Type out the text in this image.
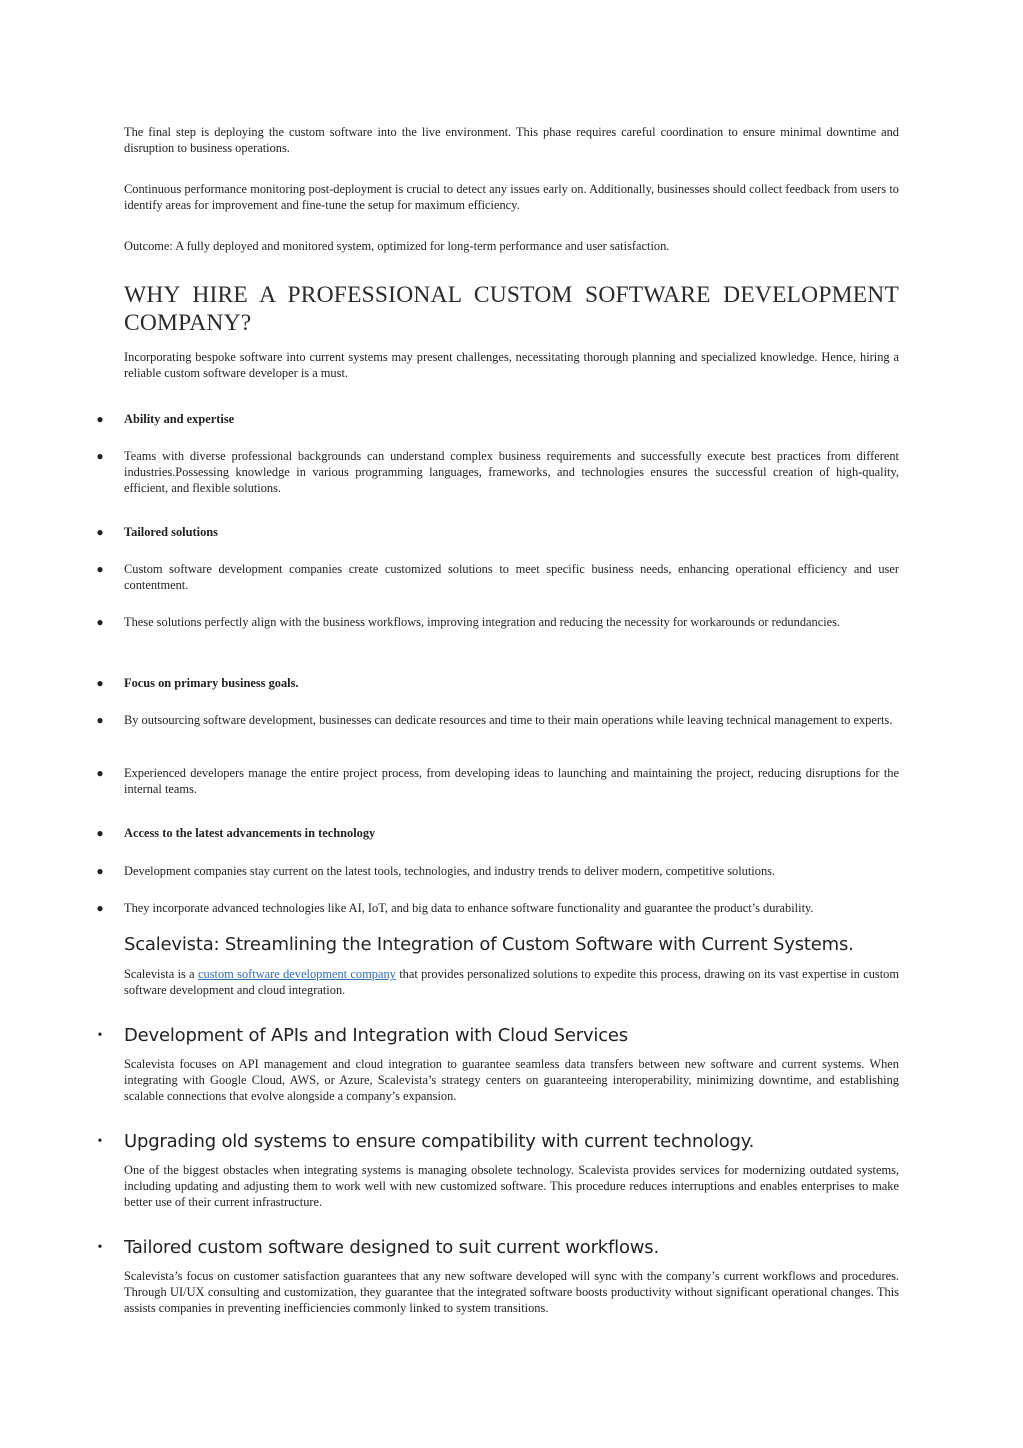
The final step is deploying the custom software into the live environment. This phase requires careful coordination to ensure minimal downtime and disruption to business operations.

Continuous performance monitoring post-deployment is crucial to detect any issues early on. Additionally, businesses should collect feedback from users to identify areas for improvement and fine-tune the setup for maximum efficiency.

Outcome: A fully deployed and monitored system, optimized for long-term performance and user satisfaction.

WHY HIRE A PROFESSIONAL CUSTOM SOFTWARE DEVELOPMENT
COMPANY?

Incorporating bespoke software into current systems may present challenges, necessitating thorough planning and specialized knowledge. Hence, hiring a reliable custom software developer is a must.

● Ability and expertise

● Teams with diverse professional backgrounds can understand complex business requirements and successfully execute best practices from different industries.Possessing knowledge in various programming languages, frameworks, and technologies ensures the successful creation of high-quality, efficient, and flexible solutions.

● Tailored solutions

● Custom software development companies create customized solutions to meet specific business needs, enhancing operational efficiency and user contentment.

● These solutions perfectly align with the business workflows, improving integration and reducing the necessity for workarounds or redundancies.

● Focus on primary business goals.

● By outsourcing software development, businesses can dedicate resources and time to their main operations while leaving technical management to experts.

● Experienced developers manage the entire project process, from developing ideas to launching and maintaining the project, reducing disruptions for the internal teams.

● Access to the latest advancements in technology

● Development companies stay current on the latest tools, technologies, and industry trends to deliver modern, competitive solutions.

● They incorporate advanced technologies like AI, IoT, and big data to enhance software functionality and guarantee the product’s durability.

Scalevista: Streamlining the Integration of Custom Software with Current Systems.

Scalevista is a custom software development company that provides personalized solutions to expedite this process, drawing on its vast expertise in custom software development and cloud integration.

• Development of APIs and Integration with Cloud Services

Scalevista focuses on API management and cloud integration to guarantee seamless data transfers between new software and current systems. When integrating with Google Cloud, AWS, or Azure, Scalevista’s strategy centers on guaranteeing interoperability, minimizing downtime, and establishing scalable connections that evolve alongside a company’s expansion.

• Upgrading old systems to ensure compatibility with current technology.

One of the biggest obstacles when integrating systems is managing obsolete technology. Scalevista provides services for modernizing outdated systems, including updating and adjusting them to work well with new customized software. This procedure reduces interruptions and enables enterprises to make better use of their current infrastructure.

• Tailored custom software designed to suit current workflows.

Scalevista’s focus on customer satisfaction guarantees that any new software developed will sync with the company’s current workflows and procedures. Through UI/UX consulting and customization, they guarantee that the integrated software boosts productivity without significant operational changes. This assists companies in preventing inefficiencies commonly linked to system transitions.
